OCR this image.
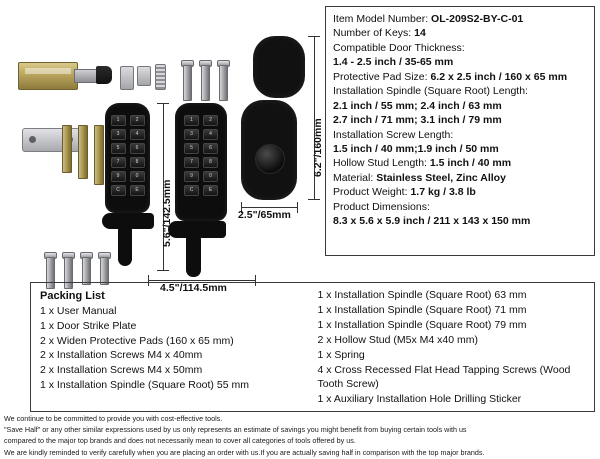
1	2
3	4
5	6
7	8
9	0
C	E
1	2
3	4
5	6
7	8
9	0
C	E
6.2"/160mm
5.6"/142.5mm	2.5"/65mm
4.5"/114.5mm
Item Model Number: OL-209S2-BY-C-01
Number of Keys: 14
Compatible Door Thickness:
1.4 - 2.5 inch / 35-65 mm
Protective Pad Size: 6.2 x 2.5 inch / 160 x 65 mm
Installation Spindle (Square Root) Length:
2.1 inch / 55 mm; 2.4 inch / 63 mm
2.7 inch / 71 mm; 3.1 inch / 79 mm
Installation Screw Length:
1.5 inch / 40 mm;1.9 inch / 50 mm
Hollow Stud Length: 1.5 inch / 40 mm
Material: Stainless Steel, Zinc Alloy
Product Weight: 1.7 kg / 3.8 lb
Product Dimensions:
8.3 x 5.6 x 5.9 inch / 211 x 143 x 150 mm
Packing List
1 x User Manual
1 x Door Strike Plate
2 x Widen Protective Pads (160 x 65 mm)
2 x Installation Screws M4 x 40mm
2 x Installation Screws M4 x 50mm
1 x Installation Spindle (Square Root) 55 mm
1 x Installation Spindle (Square Root) 63 mm
1 x Installation Spindle (Square Root) 71 mm
1 x Installation Spindle (Square Root) 79 mm
2 x Hollow Stud (M5x M4 x40 mm)
1 x Spring
4 x Cross Recessed Flat Head Tapping Screws (Wood Tooth Screw)
1 x Auxiliary Installation Hole Drilling Sticker

We continue to be committed to provide you with cost-effective tools.

"Save Half" or any other similar expressions used by us only represents an estimate of savings you might benefit from buying certain tools with us

compared to the major top brands and does not necessarily mean to cover all categories of tools offered by us.

We are kindly reminded to verify carefully when you are placing an order with us.If you are actually saving half in comparison with the top major brands.
